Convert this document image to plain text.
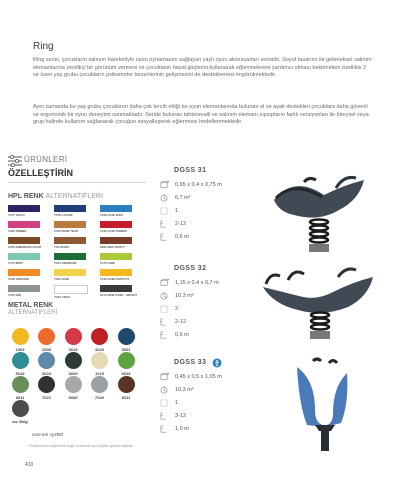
Ring
Ring serisi, çocukların salınım hareketiyle oyun oynamasını sağlayan yaylı oyun aksesuarları serisidir. Soyut tasarımı ile geleneksel salınım elemanlarına yenilikçi bir görünüm vermesi ve çocukların hayal güçlerini kullanarak eğlenmelerine yardımcı olması beklenirken özellikle 2 ve üzeri yaş grubu çocukların psikomotor becerilerinin gelişmesini de desteklemesi öngörülmektedir.
Aynı zamanda bu yaş grubu çocukların daha çok tercih ettiği bu oyun elemanlarında bulunan el ve ayak destekleri çocuklara daha güvenli ve ergonomik bir oyun deneyimi sunmaktadır. Seride bulunan tahterevalli ve salınım elemanı zıpzıpların farklı versiyonları ile bireysel veya grup halinde kullanım sağlanarak çocuğun sosyalleşerek eğlenmesi hedeflenmektedir.
ÜRÜNLERİ
ÖZELLEŞTİRİN
HPL RENK ALTERNATİFLERİ
T177 VIOLA	T176 LACIVE	T108 AÇIK MAVI
T180 PEMBE	2742 DIAM TEAK	T130 AÇIK KIRMIZI
2726 AMERIKAN CEVIZ	T34 ROMA	2860 RED RUSTY
T173 MINT	T104 VERDONE	T175 LIME
T136 ORANGE	T102 SARI	T136 SARI PAPATYA
T123 GRİ	T162 ARCH	2014 NEW STAR - GRAFİT
METAL RENK
ALTERNATİFLERİ
1003	2008	3018	3020	5001
5018	5024	6009	1015	6018
6011	7021	9006	7040	8011
sw 306g
core ten sy355f
*Özelleştirme taleplerine bağlı ürünlerde bazı fiyatlar geçerli değildir.
410
DGSS 31
0,65 x 0,4 x 0,75 m
6,7 m²
1
2-12
0,6 m
DGSS 32
1,15 x 0,4 x 0,7 m
10,3 m²
2
2-12
0,6 m
DGSS 33
0,45 x 0,5 x 1,05 m
10,3 m²
1
3-12
1,0 m
